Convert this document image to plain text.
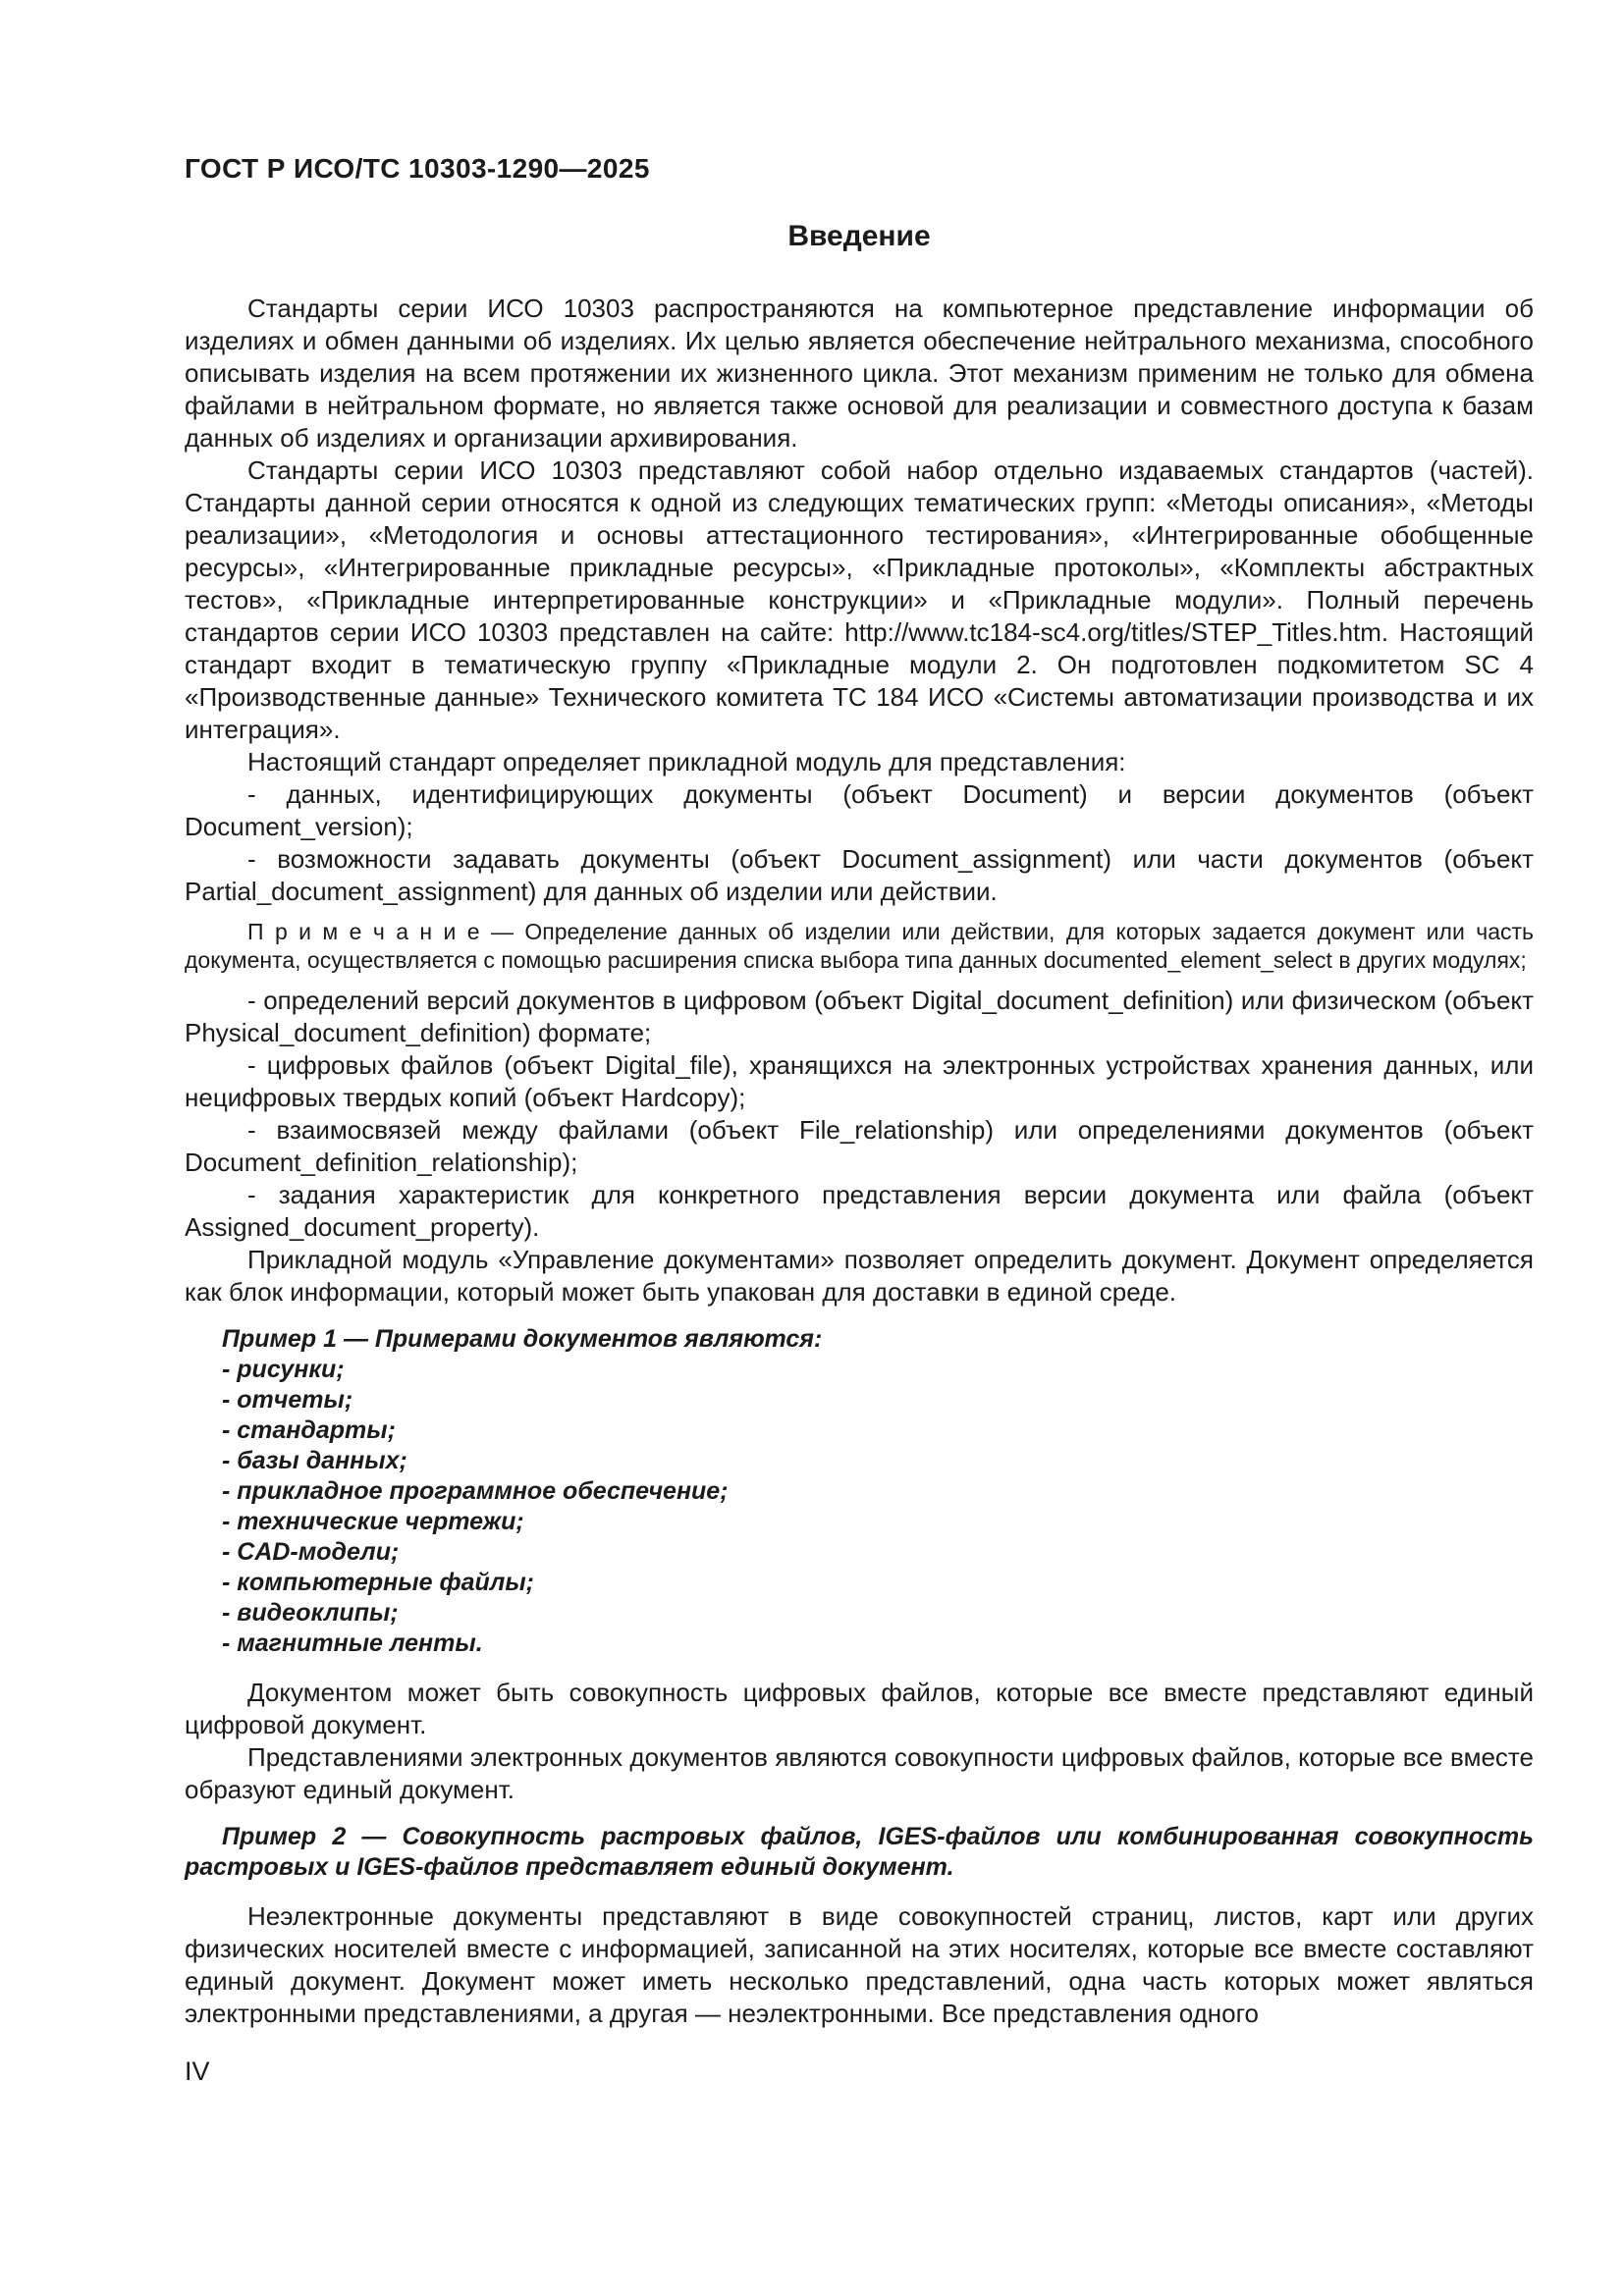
ГОСТ Р ИСО/ТС 10303-1290—2025
Введение

Стандарты серии ИСО 10303 распространяются на компьютерное представление информации об изделиях и обмен данными об изделиях. Их целью является обеспечение нейтрального механизма, способного описывать изделия на всем протяжении их жизненного цикла. Этот механизм применим не только для обмена файлами в нейтральном формате, но является также основой для реализации и совместного доступа к базам данных об изделиях и организации архивирования.

Стандарты серии ИСО 10303 представляют собой набор отдельно издаваемых стандартов (частей). Стандарты данной серии относятся к одной из следующих тематических групп: «Методы описания», «Методы реализации», «Методология и основы аттестационного тестирования», «Интегрированные обобщенные ресурсы», «Интегрированные прикладные ресурсы», «Прикладные протоколы», «Комплекты абстрактных тестов», «Прикладные интерпретированные конструкции» и «Прикладные модули». Полный перечень стандартов серии ИСО 10303 представлен на сайте: http://www.tc184-sc4.org/titles/STEP_Titles.htm. Настоящий стандарт входит в тематическую группу «Прикладные модули 2. Он подготовлен подкомитетом SC 4 «Производственные данные» Технического комитета ТС 184 ИСО «Системы автоматизации производства и их интеграция».

Настоящий стандарт определяет прикладной модуль для представления:

- данных, идентифицирующих документы (объект Document) и версии документов (объект Document_version);

- возможности задавать документы (объект Document_assignment) или части документов (объект Partial_document_assignment) для данных об изделии или действии.

П р и м е ч а н и е — Определение данных об изделии или действии, для которых задается документ или часть документа, осуществляется с помощью расширения списка выбора типа данных documented_element_select в других модулях;

- определений версий документов в цифровом (объект Digital_document_definition) или физическом (объект Physical_document_definition) формате;

- цифровых файлов (объект Digital_file), хранящихся на электронных устройствах хранения данных, или нецифровых твердых копий (объект Hardcopy);

- взаимосвязей между файлами (объект File_relationship) или определениями документов (объект Document_definition_relationship);

- задания характеристик для конкретного представления версии документа или файла (объект Assigned_document_property).

Прикладной модуль «Управление документами» позволяет определить документ. Документ определяется как блок информации, который может быть упакован для доставки в единой среде.

Пример 1 — Примерами документов являются:

- рисунки;

- отчеты;

- стандарты;

- базы данных;

- прикладное программное обеспечение;

- технические чертежи;

- CAD-модели;

- компьютерные файлы;

- видеоклипы;

- магнитные ленты.

Документом может быть совокупность цифровых файлов, которые все вместе представляют единый цифровой документ.

Представлениями электронных документов являются совокупности цифровых файлов, которые все вместе образуют единый документ.

Пример 2 — Совокупность растровых файлов, IGES-файлов или комбинированная совокупность растровых и IGES-файлов представляет единый документ.

Неэлектронные документы представляют в виде совокупностей страниц, листов, карт или других физических носителей вместе с информацией, записанной на этих носителях, которые все вместе составляют единый документ. Документ может иметь несколько представлений, одна часть которых может являться электронными представлениями, а другая — неэлектронными. Все представления одного

IV
